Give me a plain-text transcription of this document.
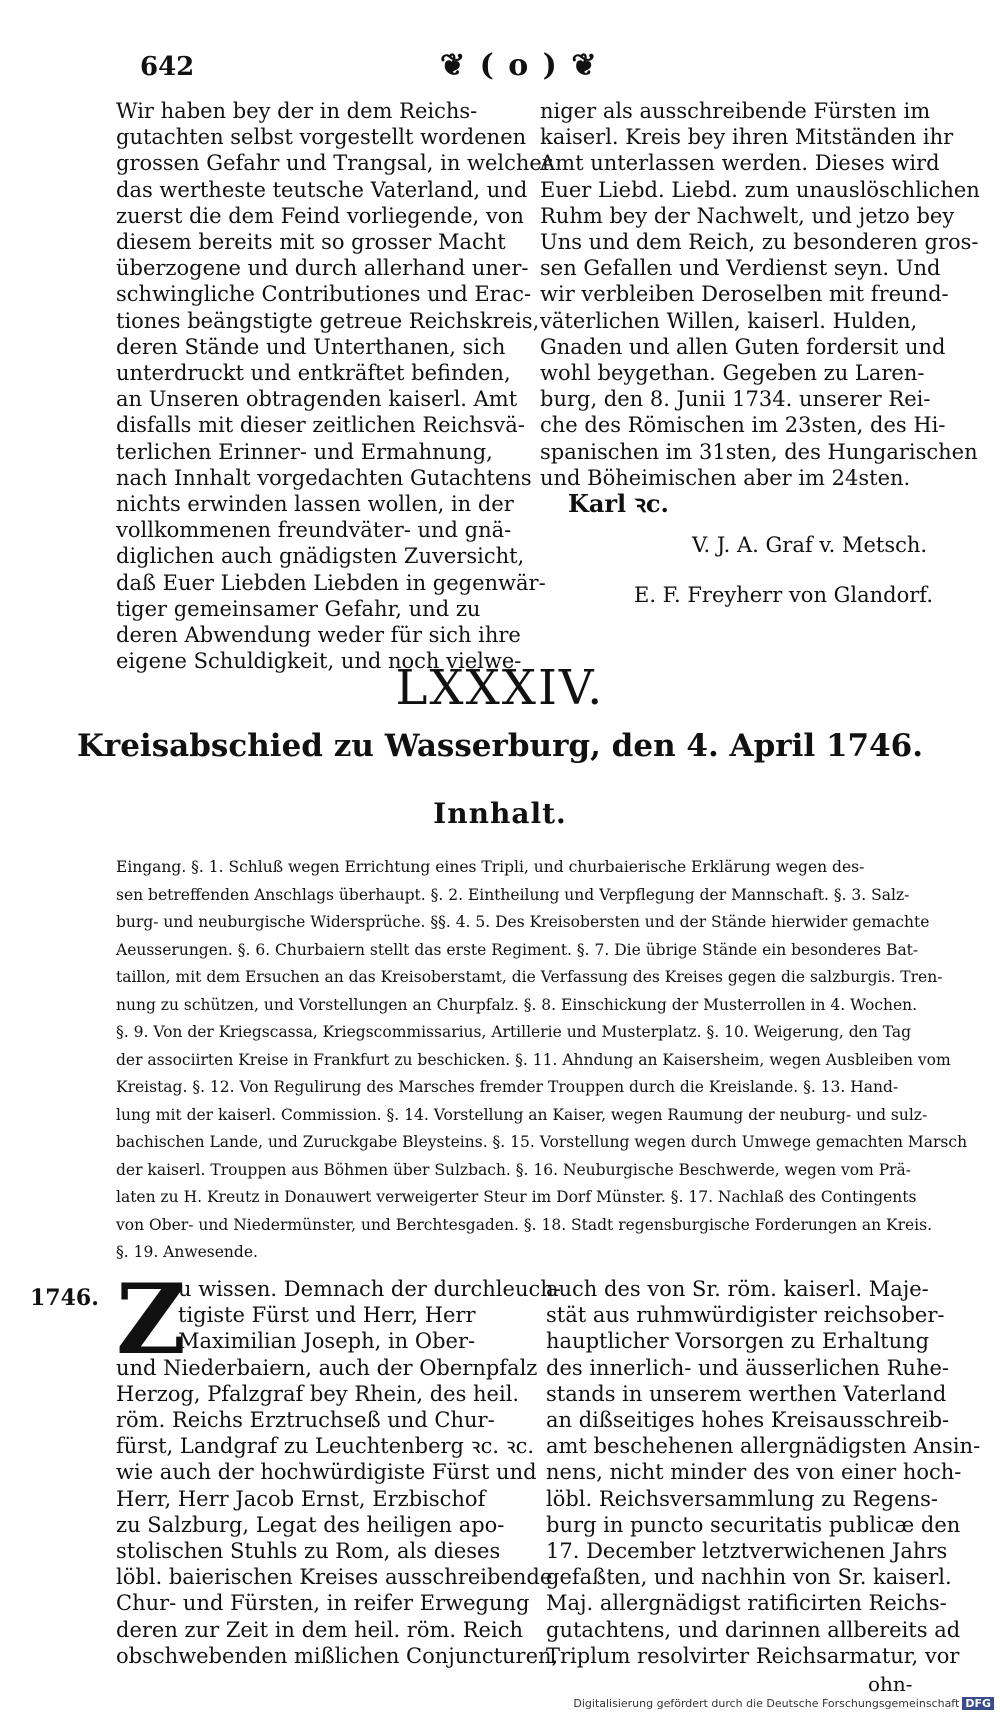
642	❦ ( o ) ❦
Wir haben bey der in dem Reichs-
gutachten selbst vorgestellt wordenen
grossen Gefahr und Trangsal, in welcher
das wertheste teutsche Vaterland, und
zuerst die dem Feind vorliegende, von
diesem bereits mit so grosser Macht
überzogene und durch allerhand uner-
schwingliche Contributiones und Erac-
tiones beängstigte getreue Reichskreis,
deren Stände und Unterthanen, sich
unterdruckt und entkräftet befinden,
an Unseren obtragenden kaiserl. Amt
disfalls mit dieser zeitlichen Reichsvä-
terlichen Erinner- und Ermahnung,
nach Innhalt vorgedachten Gutachtens
nichts erwinden lassen wollen, in der
vollkommenen freundväter- und gnä-
diglichen auch gnädigsten Zuversicht,
daß Euer Liebden Liebden in gegenwär-
tiger gemeinsamer Gefahr, und zu
deren Abwendung weder für sich ihre
eigene Schuldigkeit, und noch vielwe-
niger als ausschreibende Fürsten im
kaiserl. Kreis bey ihren Mitständen ihr
Amt unterlassen werden. Dieses wird
Euer Liebd. Liebd. zum unauslöschlichen
Ruhm bey der Nachwelt, und jetzo bey
Uns und dem Reich, zu besonderen gros-
sen Gefallen und Verdienst seyn. Und
wir verbleiben Deroselben mit freund-
väterlichen Willen, kaiserl. Hulden,
Gnaden und allen Guten fordersit und
wohl beygethan. Gegeben zu Laren-
burg, den 8. Junii 1734. unserer Rei-
che des Römischen im 23sten, des Hi-
spanischen im 31sten, des Hungarischen
und Böheimischen aber im 24sten.
Karl ꝛc.
V. J. A. Graf v. Metsch.
E. F. Freyherr von Glandorf.
LXXXIV.
Kreisabschied zu Wasserburg, den 4. April 1746.
Innhalt.
Eingang. §. 1. Schluß wegen Errichtung eines Tripli, und churbaierische Erklärung wegen des-
sen betreffenden Anschlags überhaupt. §. 2. Eintheilung und Verpflegung der Mannschaft. §. 3. Salz-
burg- und neuburgische Widersprüche. §§. 4. 5. Des Kreisobersten und der Stände hierwider gemachte
Aeusserungen. §. 6. Churbaiern stellt das erste Regiment. §. 7. Die übrige Stände ein besonderes Bat-
taillon, mit dem Ersuchen an das Kreisoberstamt, die Verfassung des Kreises gegen die salzburgis. Tren-
nung zu schützen, und Vorstellungen an Churpfalz. §. 8. Einschickung der Musterrollen in 4. Wochen.
§. 9. Von der Kriegscassa, Kriegscommissarius, Artillerie und Musterplatz. §. 10. Weigerung, den Tag
der associirten Kreise in Frankfurt zu beschicken. §. 11. Ahndung an Kaisersheim, wegen Ausbleiben vom
Kreistag. §. 12. Von Regulirung des Marsches fremder Trouppen durch die Kreislande. §. 13. Hand-
lung mit der kaiserl. Commission. §. 14. Vorstellung an Kaiser, wegen Raumung der neuburg- und sulz-
bachischen Lande, und Zuruckgabe Bleysteins. §. 15. Vorstellung wegen durch Umwege gemachten Marsch
der kaiserl. Trouppen aus Böhmen über Sulzbach. §. 16. Neuburgische Beschwerde, wegen vom Prä-
laten zu H. Kreutz in Donauwert verweigerter Steur im Dorf Münster. §. 17. Nachlaß des Contingents
von Ober- und Niedermünster, und Berchtesgaden. §. 18. Stadt regensburgische Forderungen an Kreis.
§. 19. Anwesende.
1746. Z
u wissen. Demnach der durchleuch-
tigiste Fürst und Herr, Herr
Maximilian Joseph, in Ober-
und Niederbaiern, auch der Obernpfalz
Herzog, Pfalzgraf bey Rhein, des heil.
röm. Reichs Erztruchseß und Chur-
fürst, Landgraf zu Leuchtenberg ꝛc. ꝛc.
wie auch der hochwürdigiste Fürst und
Herr, Herr Jacob Ernst, Erzbischof
zu Salzburg, Legat des heiligen apo-
stolischen Stuhls zu Rom, als dieses
löbl. baierischen Kreises ausschreibende
Chur- und Fürsten, in reifer Erwegung
deren zur Zeit in dem heil. röm. Reich
obschwebenden mißlichen Conjuncturen,
auch des von Sr. röm. kaiserl. Maje-
stät aus ruhmwürdigister reichsober-
hauptlicher Vorsorgen zu Erhaltung
des innerlich- und äusserlichen Ruhe-
stands in unserem werthen Vaterland
an dißseitiges hohes Kreisausschreib-
amt beschehenen allergnädigsten Ansin-
nens, nicht minder des von einer hoch-
löbl. Reichsversammlung zu Regens-
burg in puncto securitatis publicæ den
17. December letztverwichenen Jahrs
gefaßten, und nachhin von Sr. kaiserl.
Maj. allergnädigst ratificirten Reichs-
gutachtens, und darinnen allbereits ad
Triplum resolvirter Reichsarmatur, vor
ohn-
Digitalisierung gefördert durch die Deutsche Forschungsgemeinschaft DFG
